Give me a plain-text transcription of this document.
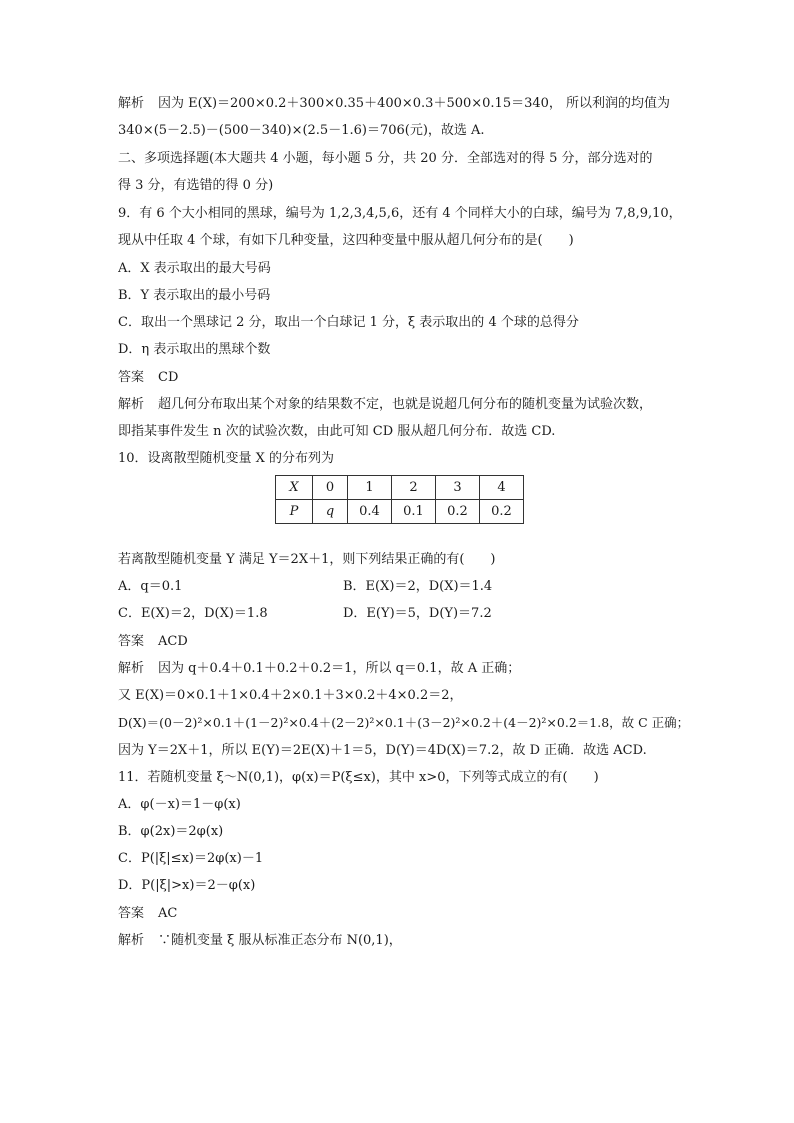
解析 因为 E(X)＝200×0.2＋300×0.35＋400×0.3＋500×0.15＝340， 所以利润的均值为
340×(5－2.5)－(500－340)×(2.5－1.6)＝706(元)，故选 A.
二、多项选择题(本大题共 4 小题，每小题 5 分，共 20 分．全部选对的得 5 分，部分选对的
得 3 分，有选错的得 0 分)
9．有 6 个大小相同的黑球，编号为 1,2,3,4,5,6，还有 4 个同样大小的白球，编号为 7,8,9,10，
现从中任取 4 个球，有如下几种变量，这四种变量中服从超几何分布的是(　　)
A．X 表示取出的最大号码
B．Y 表示取出的最小号码
C．取出一个黑球记 2 分，取出一个白球记 1 分，ξ 表示取出的 4 个球的总得分
D．η 表示取出的黑球个数
答案 CD
解析 超几何分布取出某个对象的结果数不定，也就是说超几何分布的随机变量为试验次数，
即指某事件发生 n 次的试验次数，由此可知 CD 服从超几何分布．故选 CD.
10．设离散型随机变量 X 的分布列为
X	0	1	2	3	4
P	q	0.4	0.1	0.2	0.2
若离散型随机变量 Y 满足 Y＝2X＋1，则下列结果正确的有(　　)
A．q＝0.1	B．E(X)＝2，D(X)＝1.4
C．E(X)＝2，D(X)＝1.8	D．E(Y)＝5，D(Y)＝7.2
答案 ACD
解析 因为 q＋0.4＋0.1＋0.2＋0.2＝1，所以 q＝0.1，故 A 正确；
又 E(X)＝0×0.1＋1×0.4＋2×0.1＋3×0.2＋4×0.2＝2，
D(X)＝(0－2)²×0.1＋(1－2)²×0.4＋(2－2)²×0.1＋(3－2)²×0.2＋(4－2)²×0.2＝1.8，故 C 正确；
因为 Y＝2X＋1，所以 E(Y)＝2E(X)＋1＝5，D(Y)＝4D(X)＝7.2，故 D 正确．故选 ACD.
11．若随机变量 ξ～N(0,1)，φ(x)＝P(ξ≤x)，其中 x>0，下列等式成立的有(　　)
A．φ(－x)＝1－φ(x)
B．φ(2x)＝2φ(x)
C．P(|ξ|≤x)＝2φ(x)－1
D．P(|ξ|>x)＝2－φ(x)
答案 AC
解析 ∵随机变量 ξ 服从标准正态分布 N(0,1)，
